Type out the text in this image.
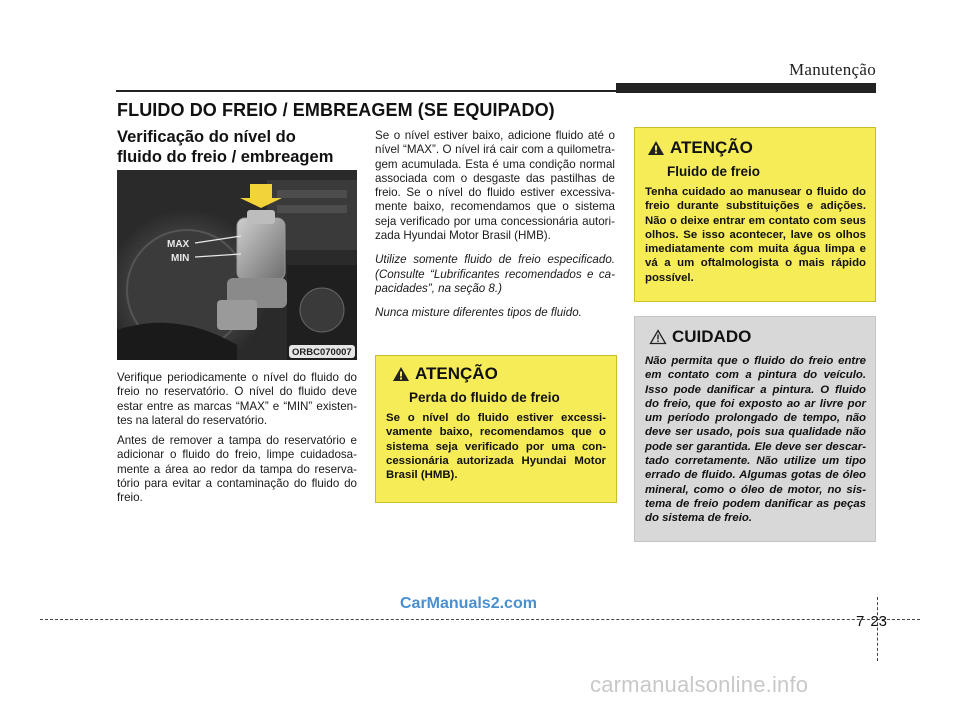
Manutenção
FLUIDO DO FREIO / EMBREAGEM (SE EQUIPADO)
Verificação do nível do
fluido do freio / embreagem
MAX
MIN
ORBC070007

Verifique periodicamente o nível do fluido do freio no reservatório. O nível do fluido deve estar entre as marcas “MAX” e “MIN” existen-tes na lateral do reservatório.

Antes de remover a tampa do reservatório e adicionar o fluido do freio, limpe cuidadosa-mente a área ao redor da tampa do reserva-tório para evitar a contaminação do fluido do freio.

Se o nível estiver baixo, adicione fluido até o nível “MAX”. O nível irá cair com a quilometra-gem acumulada. Esta é uma condição normal associada com o desgaste das pastilhas de freio. Se o nível do fluido estiver excessiva-mente baixo, recomendamos que o sistema seja verificado por uma concessionária autori-zada Hyundai Motor Brasil (HMB).

Utilize somente fluido de freio especificado. (Consulte “Lubrificantes recomendados e ca-pacidades”, na seção 8.)

Nunca misture diferentes tipos de fluido.

ATENÇÃO
Perda do fluido de freio
Se o nível do fluido estiver excessi-vamente baixo, recomendamos que o sistema seja verificado por uma con-cessionária autorizada Hyundai Motor Brasil (HMB).
ATENÇÃO
Fluido de freio
Tenha cuidado ao manusear o fluido do freio durante substituições e adições. Não o deixe entrar em contato com seus olhos. Se isso acontecer, lave os olhos imediatamente com muita água limpa e vá a um oftalmologista o mais rápido possível.
CUIDADO
Não permita que o fluido do freio entre em contato com a pintura do veículo. Isso pode danificar a pintura. O fluido do freio, que foi exposto ao ar livre por um período prolongado de tempo, não deve ser usado, pois sua qualidade não pode ser garantida. Ele deve ser descar-tado corretamente. Não utilize um tipo errado de fluido. Algumas gotas de óleo mineral, como o óleo de motor, no sis-tema de freio podem danificar as peças do sistema de freio.
7 23
CarManuals2.com
carmanualsonline.info
